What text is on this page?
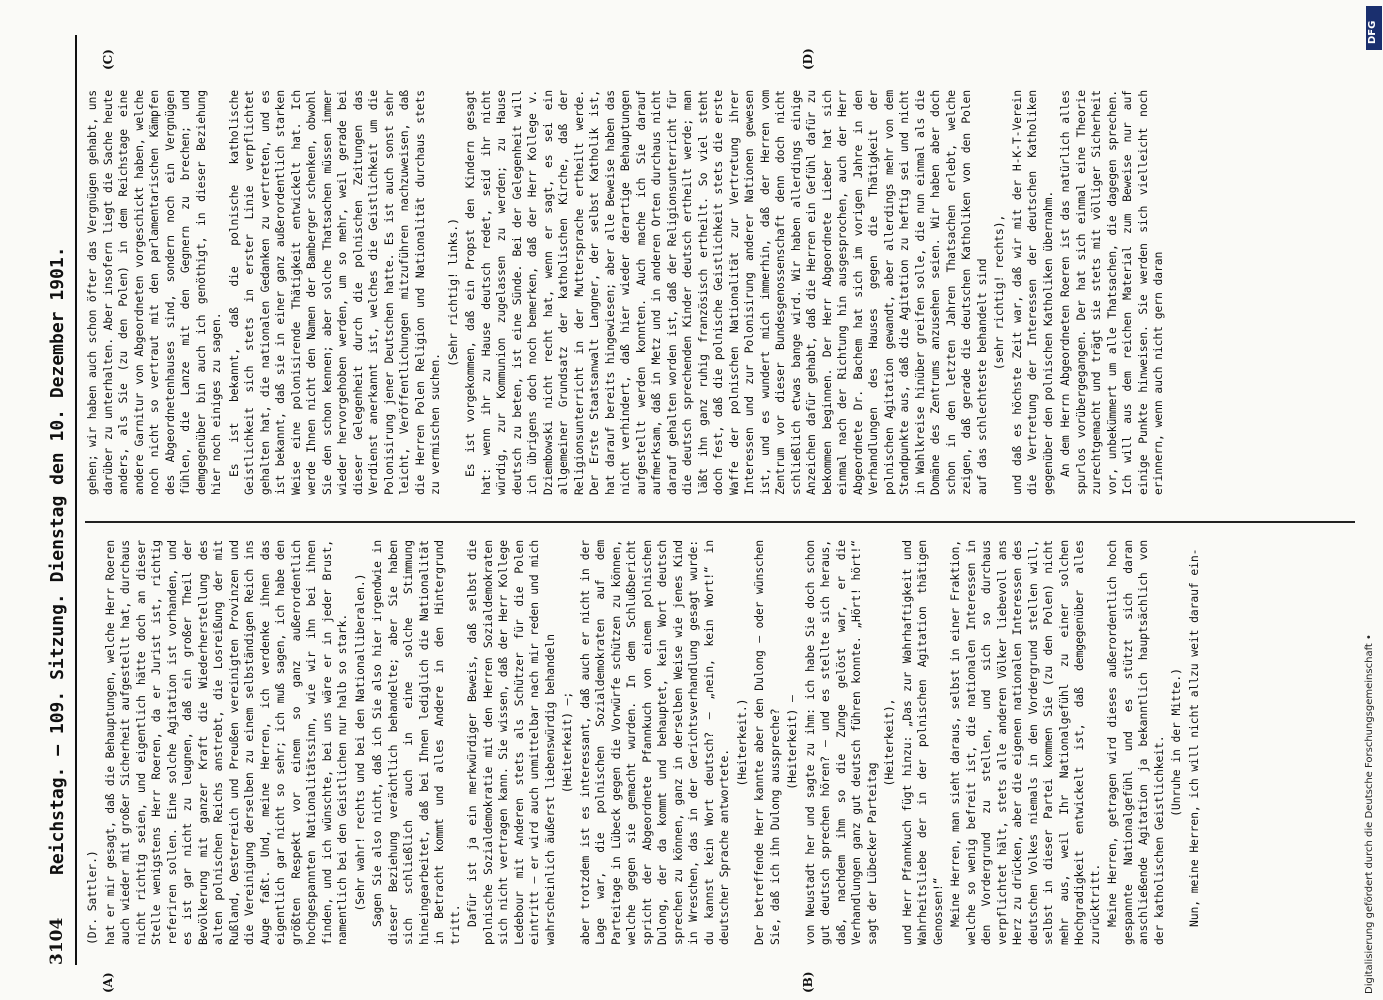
3104
Reichstag. — 109. Sitzung. Dienstag den 10. Dezember 1901.
(A)	(B)
(C)	(D)

(Dr. Sattler.) hat er mir gesagt, daß die Behauptungen, welche Herr Roeren auch wieder mit großer Sicherheit aufgestellt hat, durchaus nicht richtig seien, und eigentlich hätte doch an dieser Stelle wenigstens Herr Roeren, da er Jurist ist, richtig referiren sollen. Eine solche Agitation ist vorhanden, und es ist gar nicht zu leugnen, daß ein großer Theil der Bevölkerung mit ganzer Kraft die Wiederherstellung des alten polnischen Reichs anstrebt, die Losreißung der mit Rußland, Oesterreich und Preußen vereinigten Provinzen und die Vereinigung derselben zu einem selbständigen Reich ins Auge faßt. Und, meine Herren, ich verdenke ihnen das eigentlich gar nicht so sehr; ich muß sagen, ich habe den größten Respekt vor einem so ganz außerordentlich hochgespannten Nationalitätssinn, wie wir ihn bei ihnen finden, und ich wünschte, bei uns wäre er in jeder Brust, namentlich bei den Geistlichen nur halb so stark. (Sehr wahr! rechts und bei den Nationalliberalen.) Sagen Sie also nicht, daß ich Sie also hier irgendwie in dieser Beziehung verächtlich behandelte; aber Sie haben sich schließlich auch in eine solche Stimmung hineingearbeitet, daß bei Ihnen lediglich die Nationalität in Betracht kommt und alles Andere in den Hintergrund tritt. Dafür ist ja ein merkwürdiger Beweis, daß selbst die polnische Sozialdemokratie mit den Herren Sozialdemokraten sich nicht vertragen kann. Sie wissen, daß der Herr Kollege Ledebour mit Anderen stets als Schützer für die Polen eintritt — er wird auch unmittelbar nach mir reden und mich wahrscheinlich äußerst liebenswürdig behandeln (Heiterkeit) —; aber trotzdem ist es interessant, daß auch er nicht in der Lage war, die polnischen Sozialdemokraten auf dem Parteitage in Lübeck gegen die Vorwürfe schützen zu können, welche gegen sie gemacht wurden. In dem Schlußbericht spricht der Abgeordnete Pfannkuch von einem polnischen Dulong, der da kommt und behauptet, kein Wort deutsch sprechen zu können, ganz in derselben Weise wie jenes Kind in Wreschen, das in der Gerichtsverhandlung gesagt wurde: du kannst kein Wort deutsch? — „nein, kein Wort!“ in deutscher Sprache antwortete.

(Heiterkeit.) Der betreffende Herr kannte aber den Dulong — oder wünschen Sie, daß ich ihn Dulong ausspreche? (Heiterkeit) — von Neustadt her und sagte zu ihm: ich habe Sie doch schon gut deutsch sprechen hören? — und es stellte sich heraus, daß, nachdem ihm so die Zunge gelöst war, er die Verhandlungen ganz gut deutsch führen konnte. „Hört! hört!“ sagt der Lübecker Parteitag

(Heiterkeit), und Herr Pfannkuch fügt hinzu: „Das zur Wahrhaftigkeit und Wahrheitsliebe der in der polnischen Agitation thätigen Genossen!“ Meine Herren, man sieht daraus, selbst in einer Fraktion, welche so wenig befreit ist, die nationalen Interessen in den Vordergrund zu stellen, und sich so durchaus verpflichtet hält, stets alle anderen Völker liebevoll ans Herz zu drücken, aber die eigenen nationalen Interessen des deutschen Volkes niemals in den Vordergrund stellen will, selbst in dieser Partei kommen Sie (zu den Polen) nicht mehr aus, weil Ihr Nationalgefühl zu einer solchen Hochgradigkeit entwickelt ist, daß demgegenüber alles zurücktritt. Meine Herren, getragen wird dieses außerordentlich hoch gespannte Nationalgefühl und es stützt sich daran anschließende Agitation ja bekanntlich hauptsächlich von der katholischen Geistlichkeit. (Unruhe in der Mitte.) Nun, meine Herren, ich will nicht allzu weit darauf ein-

gehen; wir haben auch schon öfter das Vergnügen gehabt, uns darüber zu unterhalten. Aber insofern liegt die Sache heute anders, als Sie (zu den Polen) in dem Reichstage eine andere Garnitur von Abgeordneten vorgeschickt haben, welche noch nicht so vertraut mit den parlamentarischen Kämpfen des Abgeordnetenhauses sind, sondern noch ein Vergnügen fühlen, die Lanze mit den Gegnern zu brechen; und demgegenüber bin auch ich genöthigt, in dieser Beziehung hier noch einiges zu sagen. Es ist bekannt, daß die polnische katholische Geistlichkeit sich stets in erster Linie verpflichtet gehalten hat, die nationalen Gedanken zu vertreten, und es ist bekannt, daß sie in einer ganz außerordentlich starken Weise eine polonisirende Thätigkeit entwickelt hat. Ich werde Ihnen nicht den Namen der Bamberger schenken, obwohl Sie den schon kennen; aber solche Thatsachen müssen immer wieder hervorgehoben werden, um so mehr, weil gerade bei dieser Gelegenheit durch die polnischen Zeitungen das Verdienst anerkannt ist, welches die Geistlichkeit um die Polonisirung jener Deutschen hatte. Es ist auch sonst sehr leicht, Veröffentlichungen mitzuführen nachzuweisen, daß die Herren Polen Religion und Nationalität durchaus stets zu vermischen suchen.

(Sehr richtig! links.) Es ist vorgekommen, daß ein Propst den Kindern gesagt hat: wenn ihr zu Hause deutsch redet, seid ihr nicht würdig, zur Kommunion zugelassen zu werden; zu Hause deutsch zu beten, ist eine Sünde. Bei der Gelegenheit will ich übrigens doch noch bemerken, daß der Herr Kollege v. Dziembowski nicht recht hat, wenn er sagt, es sei ein allgemeiner Grundsatz der katholischen Kirche, daß der Religionsunterricht in der Muttersprache ertheilt werde. Der Erste Staatsanwalt Langner, der selbst Katholik ist, hat darauf bereits hingewiesen; aber alle Beweise haben das nicht verhindert, daß hier wieder derartige Behauptungen aufgestellt werden konnten. Auch mache ich Sie darauf aufmerksam, daß in Metz und in anderen Orten durchaus nicht darauf gehalten worden ist, daß der Religionsunterricht für die deutsch sprechenden Kinder deutsch ertheilt werde; man läßt ihn ganz ruhig französisch ertheilt. So viel steht doch fest, daß die polnische Geistlichkeit stets die erste Waffe der polnischen Nationalität zur Vertretung ihrer Interessen und zur Polonisirung anderer Nationen gewesen ist, und es wundert mich immerhin, daß der Herren vom Zentrum vor dieser Bundesgenossenschaft denn doch nicht schließlich etwas bange wird. Wir haben allerdings einige Anzeichen dafür gehabt, daß die Herren ein Gefühl dafür zu bekommen beginnen. Der Herr Abgeordnete Lieber hat sich einmal nach der Richtung hin ausgesprochen, auch der Herr Abgeordnete Dr. Bachem hat sich im vorigen Jahre in den Verhandlungen des Hauses gegen die Thätigkeit der polnischen Agitation gewandt, aber allerdings mehr von dem Standpunkte aus, daß die Agitation zu heftig sei und nicht in Wahlkreise hinüber greifen solle, die nun einmal als die Domäne des Zentrums anzusehen seien. Wir haben aber doch schon in den letzten Jahren Thatsachen erlebt, welche zeigen, daß gerade die deutschen Katholiken von den Polen auf das schlechteste behandelt sind (sehr richtig! rechts), und daß es höchste Zeit war, daß wir mit der H-K-T-Verein die Vertretung der Interessen der deutschen Katholiken gegenüber den polnischen Katholiken übernahm. An dem Herrn Abgeordneten Roeren ist das natürlich alles spurlos vorübergegangen. Der hat sich einmal eine Theorie zurechtgemacht und trägt sie stets mit völliger Sicherheit vor, unbekümmert um alle Thatsachen, die dagegen sprechen. Ich will aus dem reichen Material zum Beweise nur auf einige Punkte hinweisen. Sie werden sich vielleicht noch erinnern, wenn auch nicht gern daran

Digitalisierung gefördert durch die Deutsche Forschungsgemeinschaft •
DFG
